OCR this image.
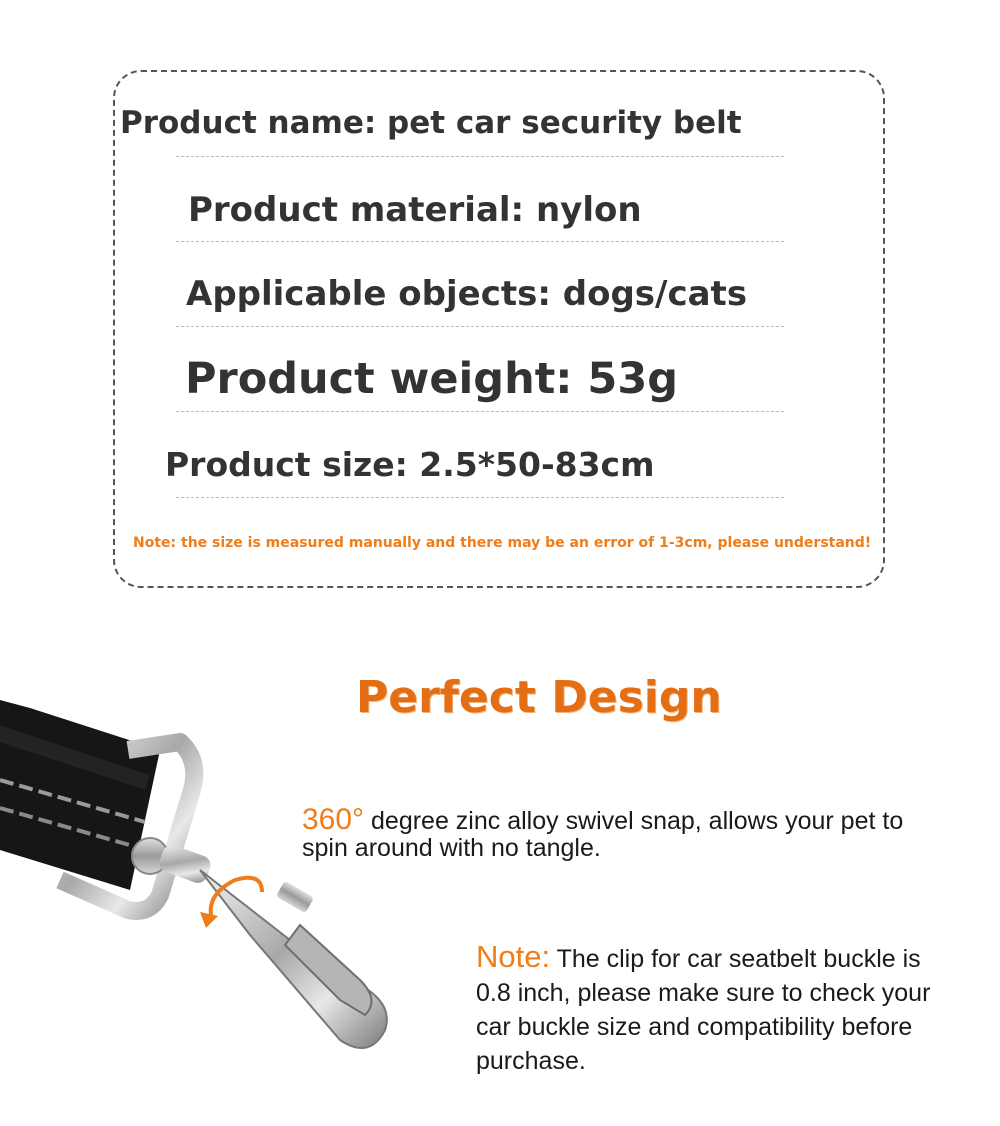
Product name: pet car security belt
Product material: nylon
Applicable objects: dogs/cats
Product weight: 53g
Product size: 2.5*50-83cm
Note: the size is measured manually and there may be an error of 1-3cm, please understand!
Perfect Design
360° degree zinc alloy swivel snap, allows your pet to
spin around with no tangle.
Note: The clip for car seatbelt buckle is
0.8 inch, please make sure to check your
car buckle size and compatibility before
purchase.
